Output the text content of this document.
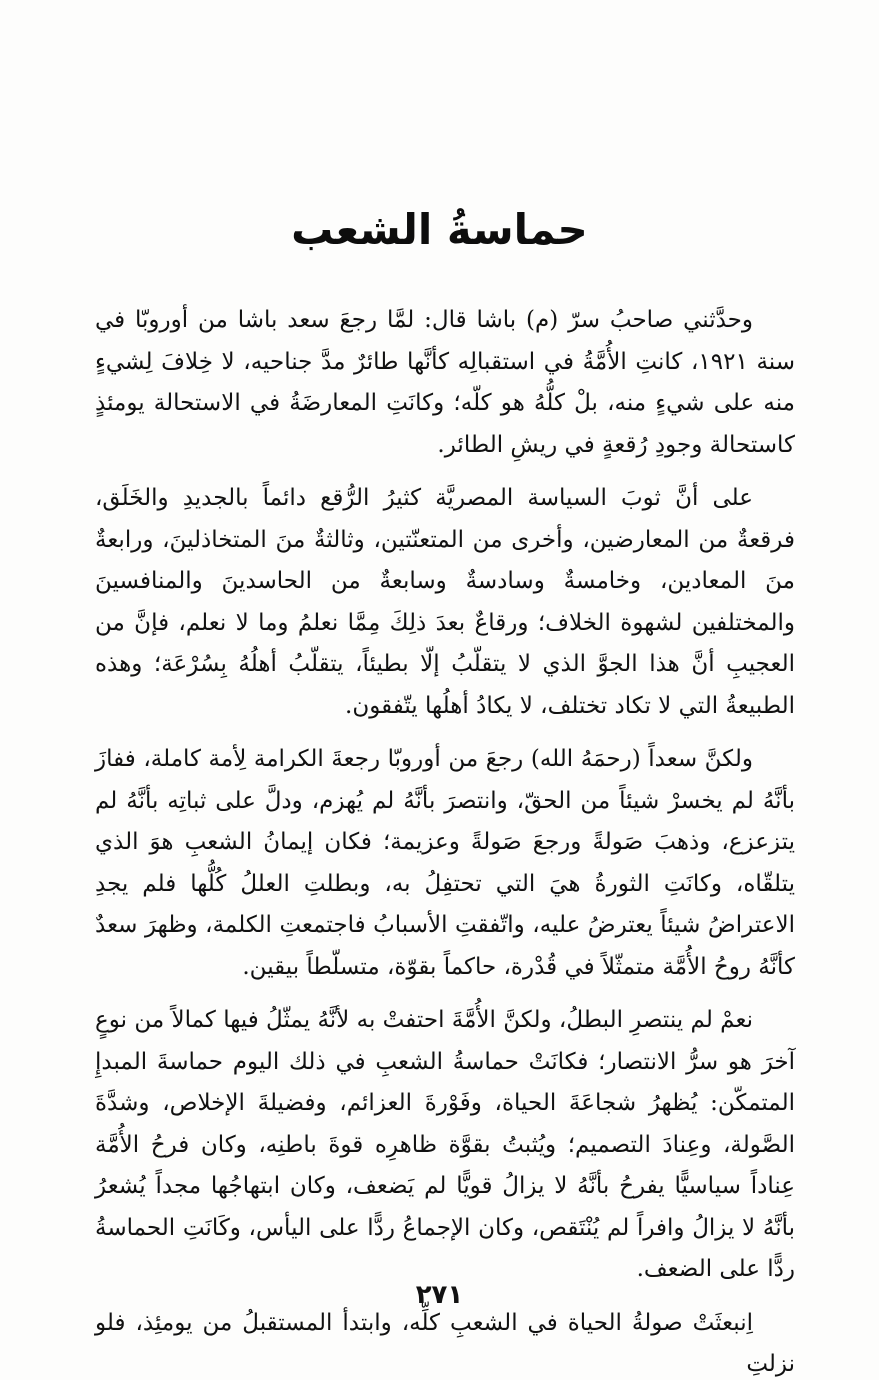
حماسةُ الشعب

وحدَّثني صاحبُ سرّ (م) باشا قال: لمَّا رجعَ سعد باشا من أوروبّا في سنة ١٩٢١، كانتِ الأُمَّةُ في استقبالِه كأنَّها طائرٌ مدَّ جناحيه، لا خِلافَ لِشيءٍ منه على شيءٍ منه، بلْ كلُّهُ هو كلّه؛ وكانَتِ المعارضَةُ في الاستحالة يومئذٍ كاستحالة وجودِ رُقعةٍ في ريشِ الطائر.

على أنَّ ثوبَ السياسة المصريَّة كثيرُ الرُّقع دائماً بالجديدِ والخَلَق، فرقعةٌ من المعارضين، وأخرى من المتعنّتين، وثالثةٌ منَ المتخاذلينَ، ورابعةٌ منَ المعادين، وخامسةٌ وسادسةٌ وسابعةٌ من الحاسدينَ والمنافسينَ والمختلفين لشهوة الخلاف؛ ورقاعٌ بعدَ ذلِكَ مِمَّا نعلمُ وما لا نعلم، فإنَّ من العجيبِ أنَّ هذا الجوَّ الذي لا يتقلّبُ إلّا بطيئاً، يتقلّبُ أهلُهُ بِسُرْعَة؛ وهذه الطبيعةُ التي لا تكاد تختلف، لا يكادُ أهلُها يتّفقون.

ولكنَّ سعداً (رحمَهُ الله) رجعَ من أوروبّا رجعةَ الكرامة لِأمة كاملة، ففازَ بأنَّهُ لم يخسرْ شيئاً من الحقّ، وانتصرَ بأنَّهُ لم يُهزم، ودلَّ على ثباتِه بأنَّهُ لم يتزعزع، وذهبَ صَولةً ورجعَ صَولةً وعزيمة؛ فكان إيمانُ الشعبِ هوَ الذي يتلقّاه، وكانَتِ الثورةُ هيَ التي تحتفِلُ به، وبطلتِ العللُ كُلُّها فلم يجدِ الاعتراضُ شيئاً يعترضُ عليه، واتّفقتِ الأسبابُ فاجتمعتِ الكلمة، وظهرَ سعدٌ كأنَّهُ روحُ الأُمَّة متمثّلاً في قُدْرة، حاكماً بقوّة، متسلّطاً بيقين.

نعمْ لم ينتصرِ البطلُ، ولكنَّ الأُمَّةَ احتفتْ به لأنَّهُ يمثّلُ فيها كمالاً من نوعٍ آخرَ هو سرُّ الانتصار؛ فكانَتْ حماسةُ الشعبِ في ذلك اليوم حماسةَ المبدإِ المتمكّن: يُظهرُ شجاعَةَ الحياة، وفَوْرةَ العزائم، وفضيلةَ الإخلاص، وشدَّةَ الصَّولة، وعِنادَ التصميم؛ ويُثبتُ بقوَّة ظاهرِه قوةَ باطنِه، وكان فرحُ الأُمَّة عِناداً سياسيًّا يفرحُ بأنَّهُ لا يزالُ قويًّا لم يَضعف، وكان ابتهاجُها مجداً يُشعرُ بأنَّهُ لا يزالُ وافراً لم يُنْتَقص، وكان الإجماعُ ردًّا على اليأس، وكَانَتِ الحماسةُ ردًّا على الضعف.

اِنبعثَتْ صولةُ الحياة في الشعبِ كلِّه، وابتدأ المستقبلُ من يومئِذ، فلو نزلتِ

٢٧١
